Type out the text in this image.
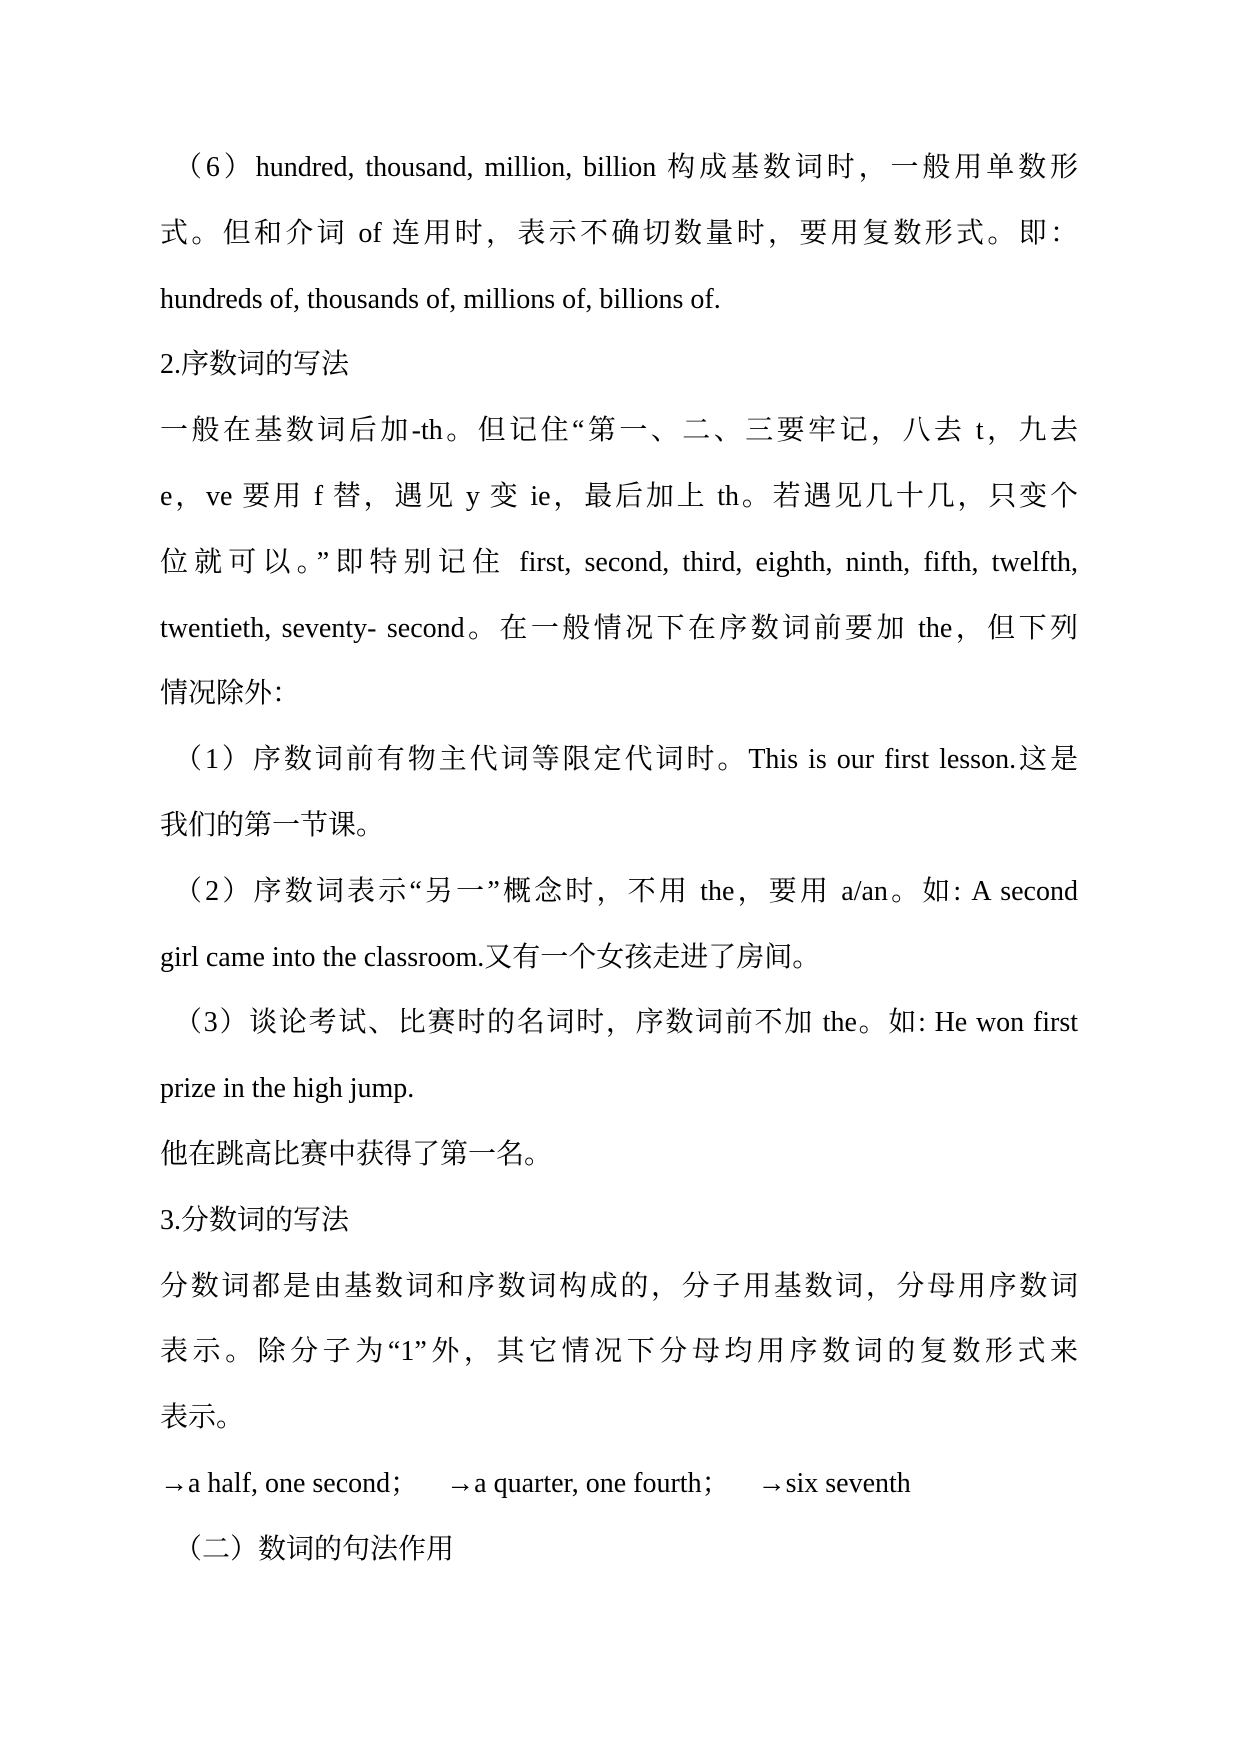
（6）hundred, thousand, million, billion 构成基数词时，一般用单数形
式。但和介词 of 连用时，表示不确切数量时，要用复数形式。即：
hundreds of, thousands of, millions of, billions of.
2.序数词的写法
一般在基数词后加-th。但记住“第一、二、三要牢记，八去 t，九去
e，ve 要用 f 替，遇见 y 变 ie，最后加上 th。若遇见几十几，只变个
位就可以。”即特别记住 first, second, third, eighth, ninth, fifth, twelfth,
twentieth, seventy- second。在一般情况下在序数词前要加 the，但下列
情况除外：
（1）序数词前有物主代词等限定代词时。This is our first lesson.这是
我们的第一节课。
（2）序数词表示“另一”概念时，不用 the，要用 a/an。如: A second
girl came into the classroom.又有一个女孩走进了房间。
（3）谈论考试、比赛时的名词时，序数词前不加 the。如: He won first
prize in the high jump.
他在跳高比赛中获得了第一名。
3.分数词的写法
分数词都是由基数词和序数词构成的，分子用基数词，分母用序数词
表示。除分子为“1”外，其它情况下分母均用序数词的复数形式来
表示。
→a half, one second；    →a quarter, one fourth；    →six seventh
（二）数词的句法作用
